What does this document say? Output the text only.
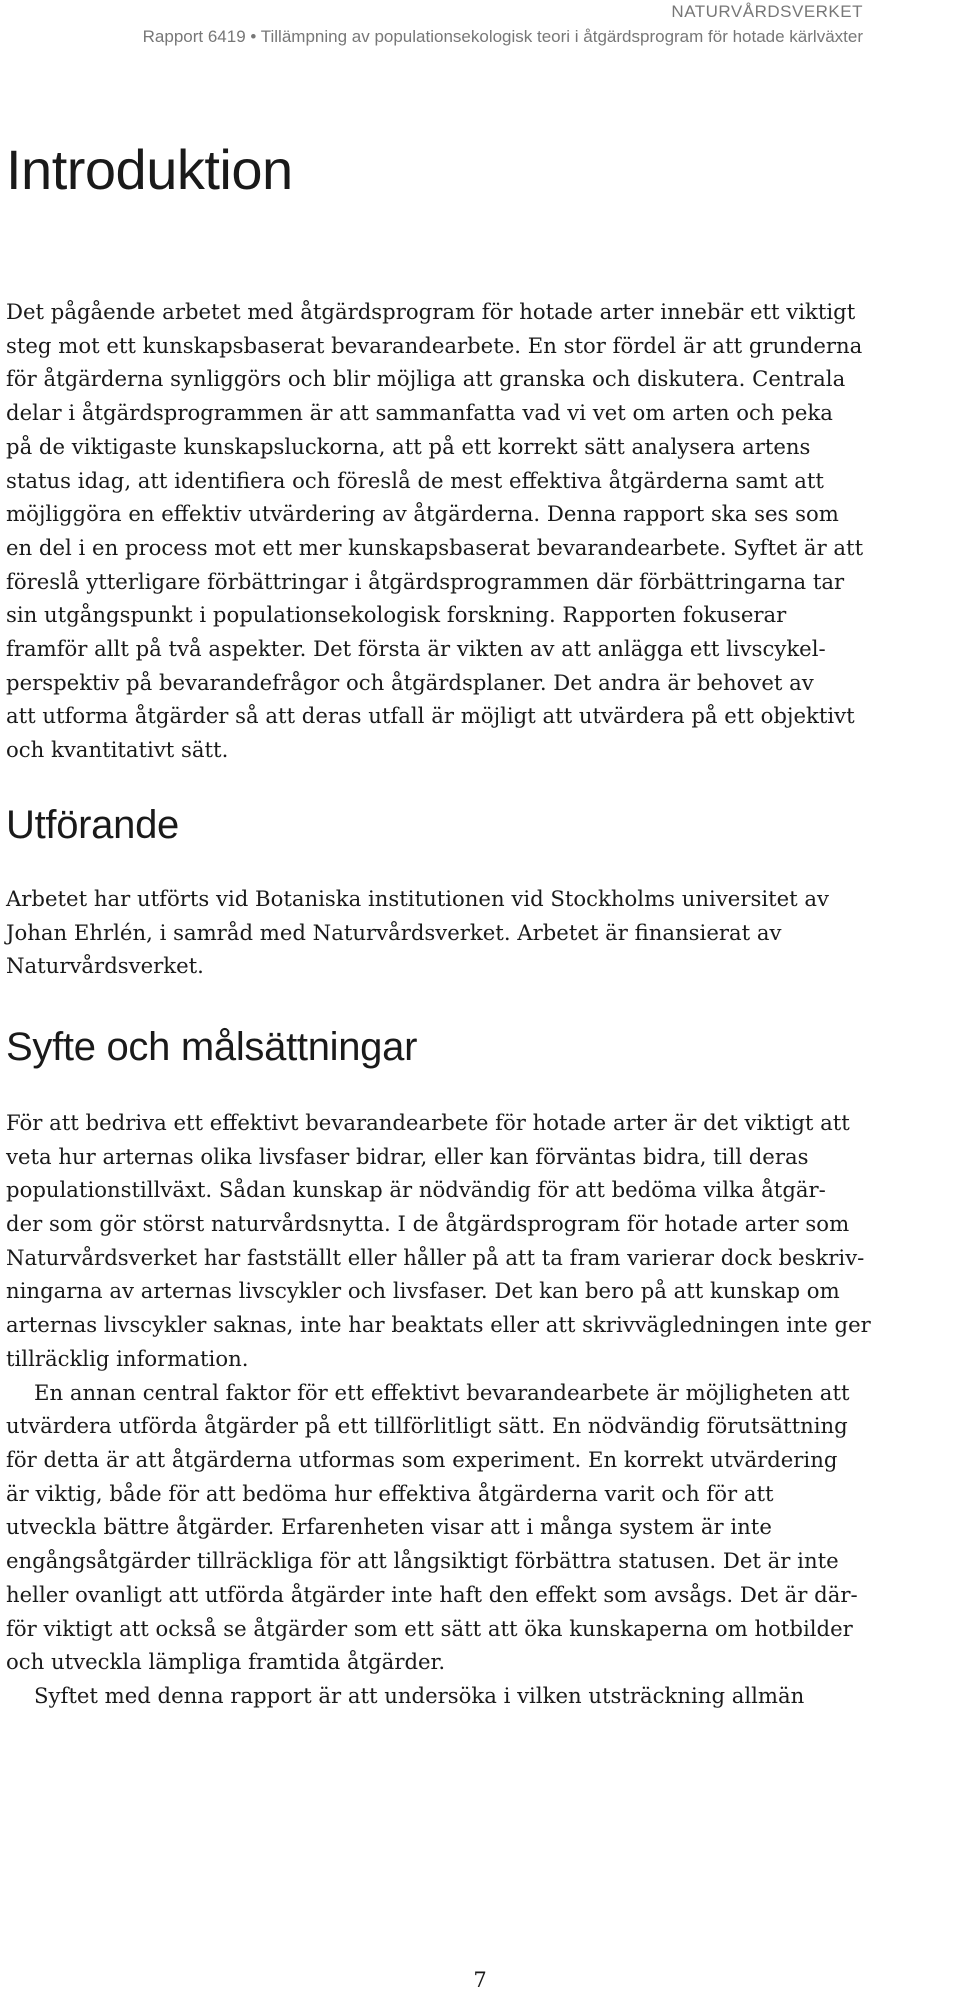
NATURVÅRDSVERKET
Rapport 6419 • Tillämpning av populationsekologisk teori i åtgärdsprogram för hotade kärlväxter
Introduktion

Det pågående arbetet med åtgärdsprogram för hotade arter innebär ett viktigt
steg mot ett kunskapsbaserat bevarandearbete. En stor fördel är att grunderna
för åtgärderna synliggörs och blir möjliga att granska och diskutera. Centrala
delar i åtgärdsprogrammen är att sammanfatta vad vi vet om arten och peka
på de viktigaste kunskapsluckorna, att på ett korrekt sätt analysera artens
status idag, att identifiera och föreslå de mest effektiva åtgärderna samt att
möjliggöra en effektiv utvärdering av åtgärderna. Denna rapport ska ses som
en del i en process mot ett mer kunskapsbaserat bevarandearbete. Syftet är att
föreslå ytterligare förbättringar i åtgärdsprogrammen där förbättringarna tar
sin utgångspunkt i populationsekologisk forskning. Rapporten fokuserar
framför allt på två aspekter. Det första är vikten av att anlägga ett livscykel-
perspektiv på bevarandefrågor och åtgärdsplaner. Det andra är behovet av
att utforma åtgärder så att deras utfall är möjligt att utvärdera på ett objektivt
och kvantitativt sätt.

Utförande

Arbetet har utförts vid Botaniska institutionen vid Stockholms universitet av
Johan Ehrlén, i samråd med Naturvårdsverket. Arbetet är finansierat av
Naturvårdsverket.

Syfte och målsättningar

För att bedriva ett effektivt bevarandearbete för hotade arter är det viktigt att
veta hur arternas olika livsfaser bidrar, eller kan förväntas bidra, till deras
populationstillväxt. Sådan kunskap är nödvändig för att bedöma vilka åtgär-
der som gör störst naturvårdsnytta. I de åtgärdsprogram för hotade arter som
Naturvårdsverket har fastställt eller håller på att ta fram varierar dock beskriv-
ningarna av arternas livscykler och livsfaser. Det kan bero på att kunskap om
arternas livscykler saknas, inte har beaktats eller att skrivvägledningen inte ger
tillräcklig information.

En annan central faktor för ett effektivt bevarandearbete är möjligheten att
utvärdera utförda åtgärder på ett tillförlitligt sätt. En nödvändig förutsättning
för detta är att åtgärderna utformas som experiment. En korrekt utvärdering
är viktig, både för att bedöma hur effektiva åtgärderna varit och för att
utveckla bättre åtgärder. Erfarenheten visar att i många system är inte
engångsåtgärder tillräckliga för att långsiktigt förbättra statusen. Det är inte
heller ovanligt att utförda åtgärder inte haft den effekt som avsågs. Det är där-
för viktigt att också se åtgärder som ett sätt att öka kunskaperna om hotbilder
och utveckla lämpliga framtida åtgärder.

Syftet med denna rapport är att undersöka i vilken utsträckning allmän

7
